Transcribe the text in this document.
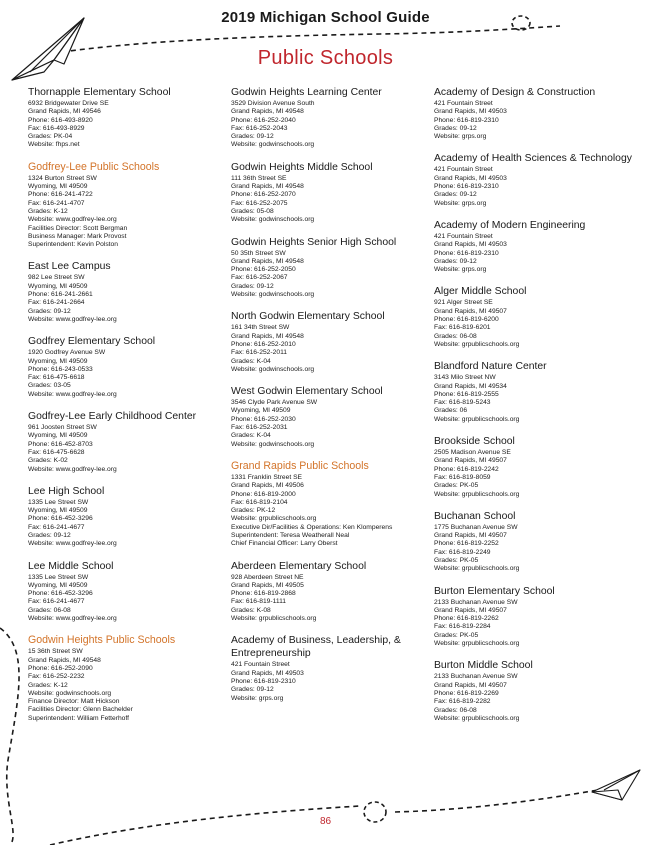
2019 Michigan School Guide
Public Schools
Thornapple Elementary School
6932 Bridgewater Drive SE
Grand Rapids, MI 49546
Phone: 616-493-8920
Fax: 616-493-8929
Grades: PK-04
Website: fhps.net
Godfrey-Lee Public Schools
1324 Burton Street SW
Wyoming, MI 49509
Phone: 616-241-4722
Fax: 616-241-4707
Grades: K-12
Website: www.godfrey-lee.org
Facilities Director: Scott Bergman
Business Manager: Mark Provost
Superintendent: Kevin Polston
East Lee Campus
982 Lee Street SW
Wyoming, MI 49509
Phone: 616-241-2661
Fax: 616-241-2664
Grades: 09-12
Website: www.godfrey-lee.org
Godfrey Elementary School
1920 Godfrey Avenue SW
Wyoming, MI 49509
Phone: 616-243-0533
Fax: 616-475-6618
Grades: 03-05
Website: www.godfrey-lee.org
Godfrey-Lee Early Childhood Center
961 Joosten Street SW
Wyoming, MI 49509
Phone: 616-452-8703
Fax: 616-475-6628
Grades: K-02
Website: www.godfrey-lee.org
Lee High School
1335 Lee Street SW
Wyoming, MI 49509
Phone: 616-452-3296
Fax: 616-241-4677
Grades: 09-12
Website: www.godfrey-lee.org
Lee Middle School
1335 Lee Street SW
Wyoming, MI 49509
Phone: 616-452-3296
Fax: 616-241-4677
Grades: 06-08
Website: www.godfrey-lee.org
Godwin Heights Public Schools
15 36th Street SW
Grand Rapids, MI 49548
Phone: 616-252-2090
Fax: 616-252-2232
Grades: K-12
Website: godwinschools.org
Finance Director: Matt Hickson
Facilities Director: Glenn Bachelder
Superintendent: William Fetterhoff
Godwin Heights Learning Center
3529 Division Avenue South
Grand Rapids, MI 49548
Phone: 616-252-2040
Fax: 616-252-2043
Grades: 09-12
Website: godwinschools.org
Godwin Heights Middle School
111 36th Street SE
Grand Rapids, MI 49548
Phone: 616-252-2070
Fax: 616-252-2075
Grades: 05-08
Website: godwinschools.org
Godwin Heights Senior High School
50 35th Street SW
Grand Rapids, MI 49548
Phone: 616-252-2050
Fax: 616-252-2067
Grades: 09-12
Website: godwinschools.org
North Godwin Elementary School
161 34th Street SW
Grand Rapids, MI 49548
Phone: 616-252-2010
Fax: 616-252-2011
Grades: K-04
Website: godwinschools.org
West Godwin Elementary School
3546 Clyde Park Avenue SW
Wyoming, MI 49509
Phone: 616-252-2030
Fax: 616-252-2031
Grades: K-04
Website: godwinschools.org
Grand Rapids Public Schools
1331 Franklin Street SE
Grand Rapids, MI 49506
Phone: 616-819-2000
Fax: 616-819-2104
Grades: PK-12
Website: grpublicschools.org
Executive Dir/Facilities & Operations: Ken Klomperens
Superintendent: Teresa Weatherall Neal
Chief Financial Officer: Larry Oberst
Aberdeen Elementary School
928 Aberdeen Street NE
Grand Rapids, MI 49505
Phone: 616-819-2868
Fax: 616-819-1111
Grades: K-08
Website: grpublicschools.org
Academy of Business, Leadership, & Entrepreneurship
421 Fountain Street
Grand Rapids, MI 49503
Phone: 616-819-2310
Grades: 09-12
Website: grps.org
Academy of Design & Construction
421 Fountain Street
Grand Rapids, MI 49503
Phone: 616-819-2310
Grades: 09-12
Website: grps.org
Academy of Health Sciences & Technology
421 Fountain Street
Grand Rapids, MI 49503
Phone: 616-819-2310
Grades: 09-12
Website: grps.org
Academy of Modern Engineering
421 Fountain Street
Grand Rapids, MI 49503
Phone: 616-819-2310
Grades: 09-12
Website: grps.org
Alger Middle School
921 Alger Street SE
Grand Rapids, MI 49507
Phone: 616-819-6200
Fax: 616-819-6201
Grades: 06-08
Website: grpublicschools.org
Blandford Nature Center
3143 Milo Street NW
Grand Rapids, MI 49534
Phone: 616-819-2555
Fax: 616-819-5243
Grades: 06
Website: grpublicschools.org
Brookside School
2505 Madison Avenue SE
Grand Rapids, MI 49507
Phone: 616-819-2242
Fax: 616-819-8059
Grades: PK-05
Website: grpublicschools.org
Buchanan School
1775 Buchanan Avenue SW
Grand Rapids, MI 49507
Phone: 616-819-2252
Fax: 616-819-2249
Grades: PK-05
Website: grpublicschools.org
Burton Elementary School
2133 Buchanan Avenue SW
Grand Rapids, MI 49507
Phone: 616-819-2262
Fax: 616-819-2284
Grades: PK-05
Website: grpublicschools.org
Burton Middle School
2133 Buchanan Avenue SW
Grand Rapids, MI 49507
Phone: 616-819-2269
Fax: 616-819-2282
Grades: 06-08
Website: grpublicschools.org
86
